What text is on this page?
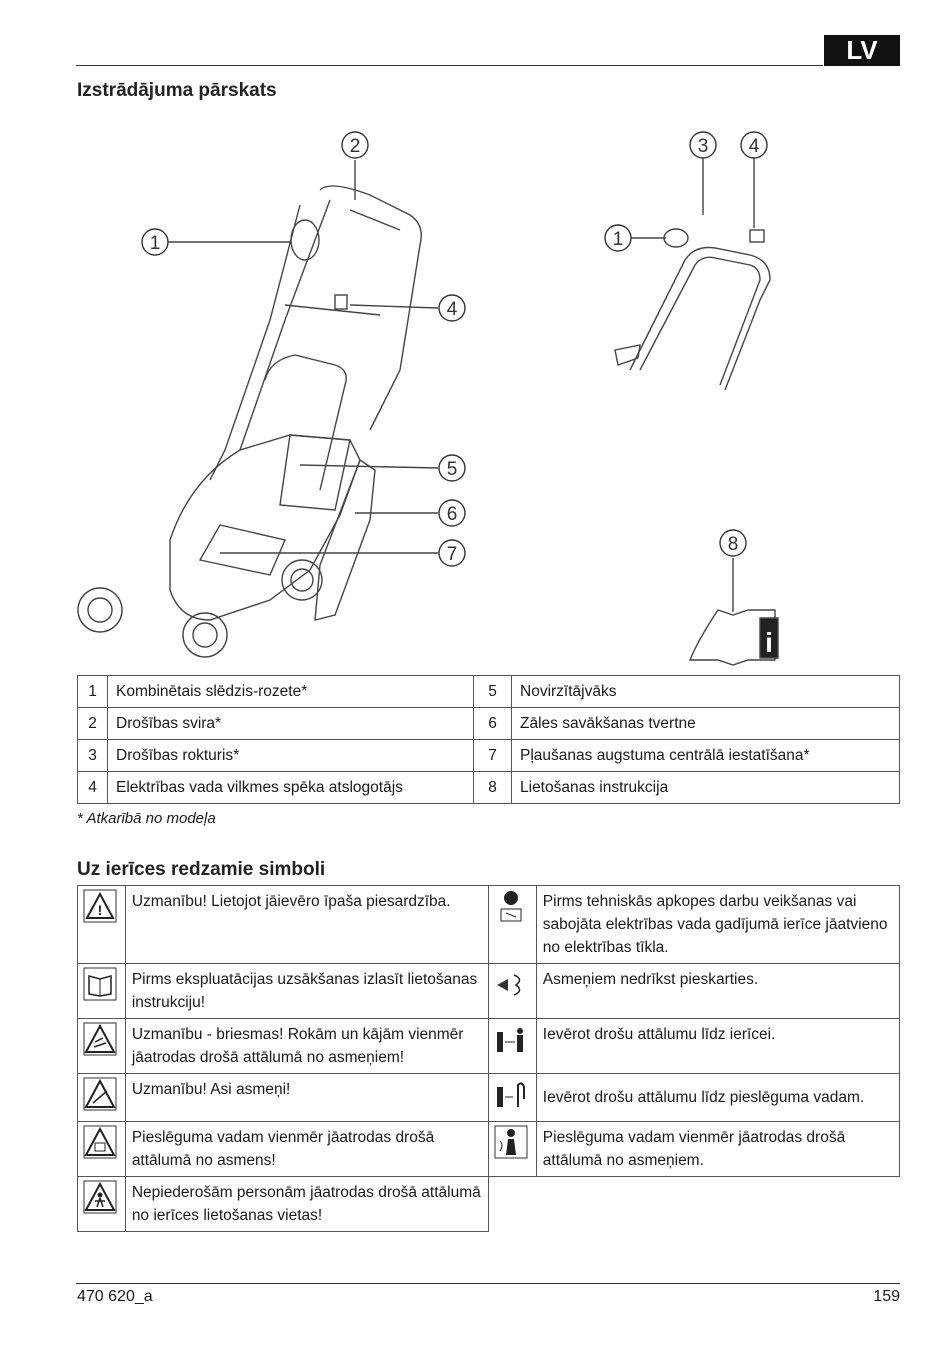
LV
Izstrādājuma pārskats
i
1
2
4
5
6
7
1
3 4
8
1	Kombinētais slēdzis-rozete*	5	Novirzītājvāks
2	Drošības svira*	6	Zāles savākšanas tvertne
3	Drošības rokturis*	7	Pļaušanas augstuma centrālā iestatīšana*
4	Elektrības vada vilkmes spēka atslogotājs	8	Lietošanas instrukcija
* Atkarībā no modeļa
Uz ierīces redzamie simboli
!	Uzmanību! Lietojot jāievēro īpaša piesardzība.		Pirms tehniskās apkopes darbu veikšanas vai sabojāta elektrības vada gadījumā ierīce jāatvieno no elektrības tīkla.
	Pirms ekspluatācijas uzsākšanas izlasīt lietošanas instrukciju!		Asmeņiem nedrīkst pieskarties.
	Uzmanību - briesmas! Rokām un kājām vienmēr jāatrodas drošā attālumā no asmeņiem!		Ievērot drošu attālumu līdz ierīcei.
	Uzmanību! Asi asmeņi!		Ievērot drošu attālumu līdz pieslēguma vadam.
	Pieslēguma vadam vienmēr jāatrodas drošā attālumā no asmens!		Pieslēguma vadam vienmēr jāatrodas drošā attālumā no asmeņiem.
	Nepiederošām personām jāatrodas drošā attālumā no ierīces lietošanas vietas!		
470 620_a	159
